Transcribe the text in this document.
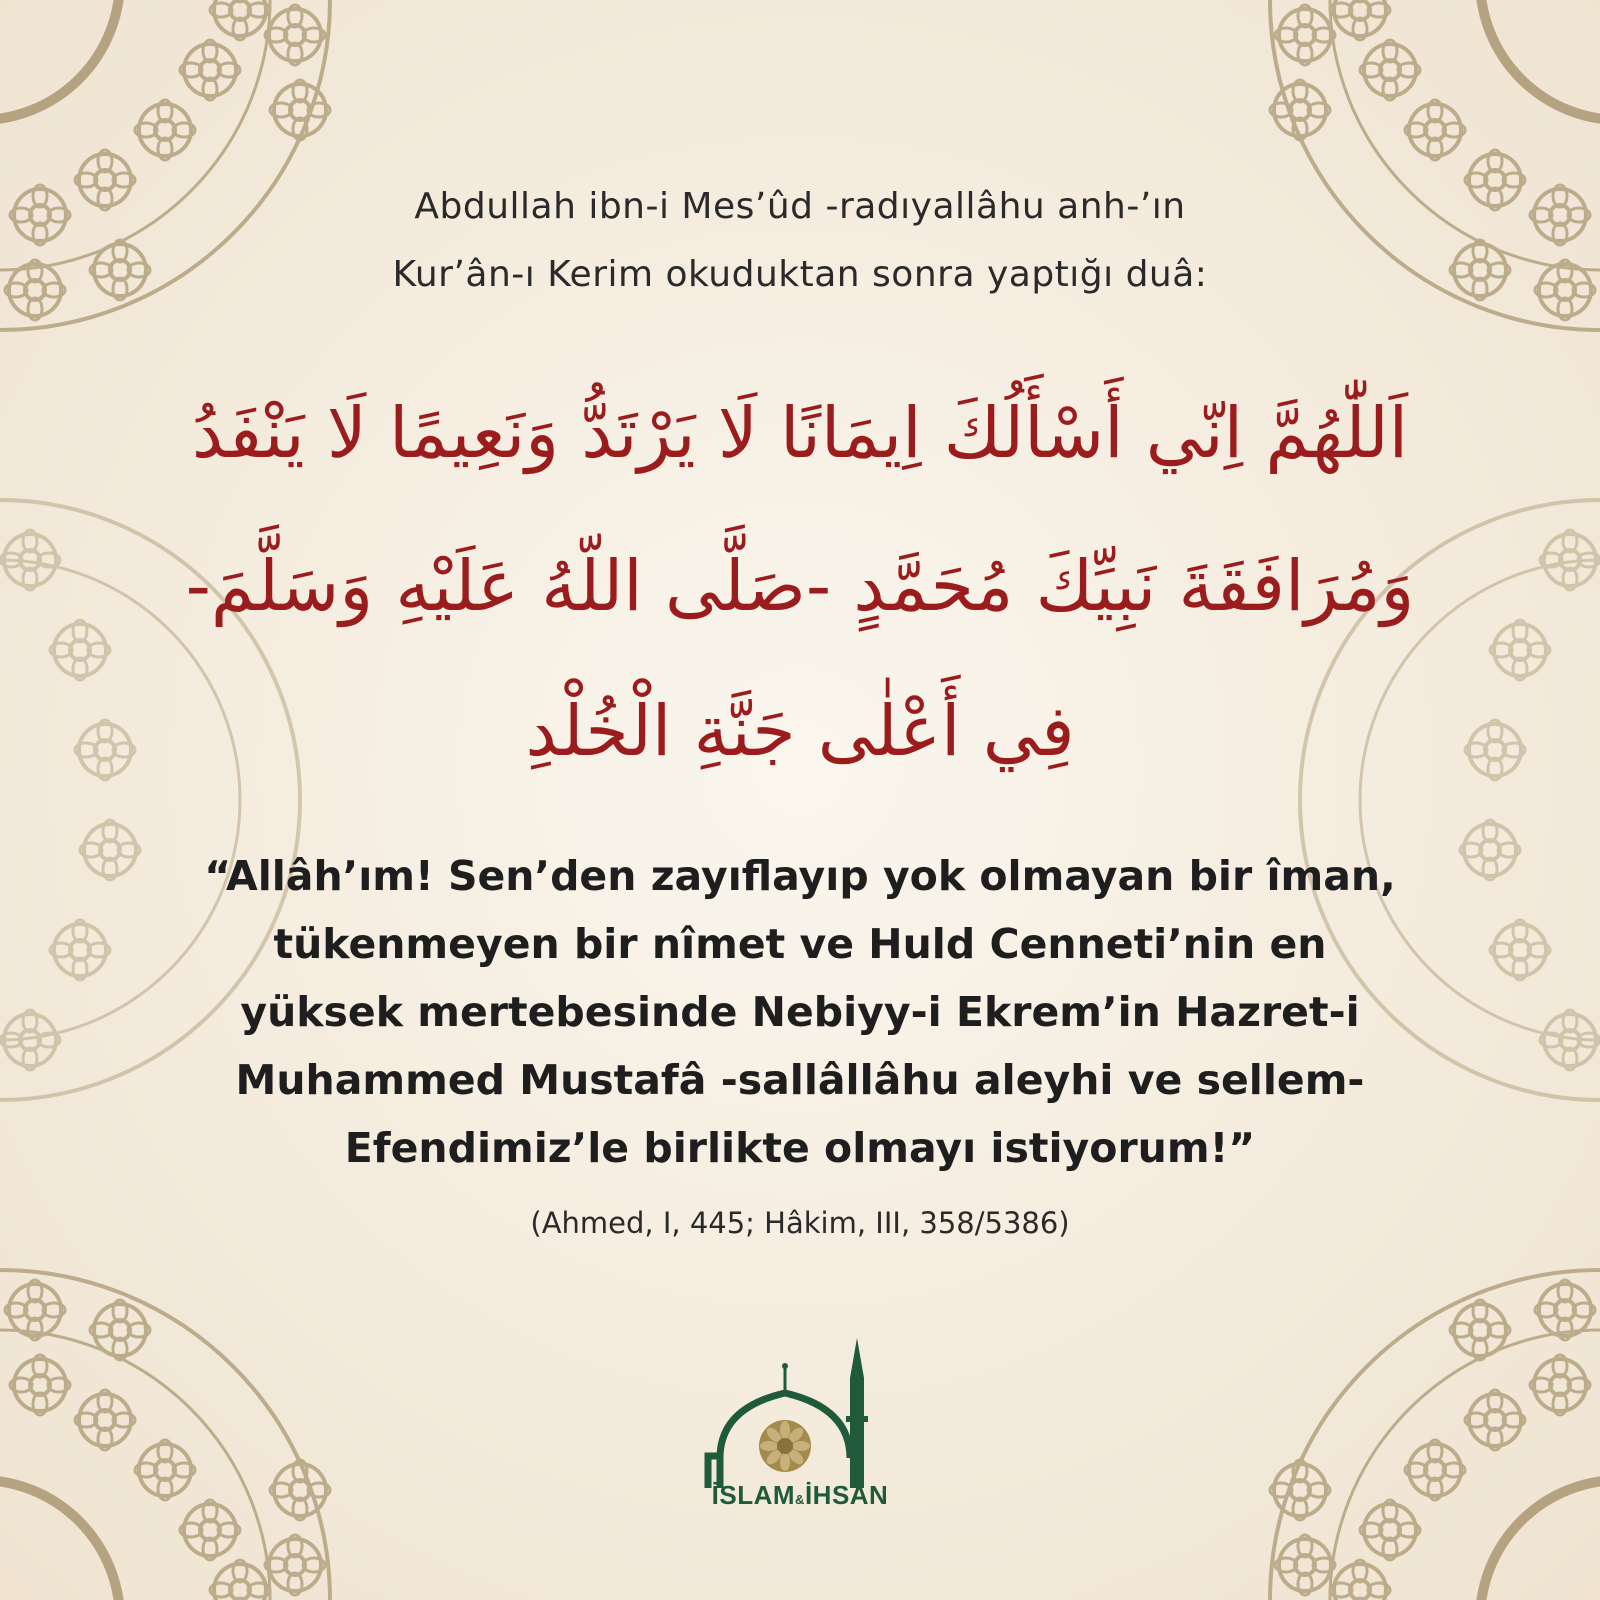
Abdullah ibn-i Mes’ûd -radıyallâhu anh-’ın
Kur’ân-ı Kerim okuduktan sonra yaptığı duâ:
اَللّٰهُمَّ اِنّي أَسْأَلُكَ اِيمَانًا لَا يَرْتَدُّ وَنَعِيمًا لَا يَنْفَدُ
وَمُرَافَقَةَ نَبِيِّكَ مُحَمَّدٍ -صَلَّى اللّهُ عَلَيْهِ وَسَلَّمَ-
فِي أَعْلٰى جَنَّةِ الْخُلْدِ
“Allâh’ım! Sen’den zayıflayıp yok olmayan bir îman,
tükenmeyen bir nîmet ve Huld Cenneti’nin en
yüksek mertebesinde Nebiyy-i Ekrem’in Hazret-i
Muhammed Mustafâ -sallâllâhu aleyhi ve sellem-
Efendimiz’le birlikte olmayı istiyorum!”
(Ahmed, I, 445; Hâkim, III, 358/5386)
İSLAM&İHSAN
